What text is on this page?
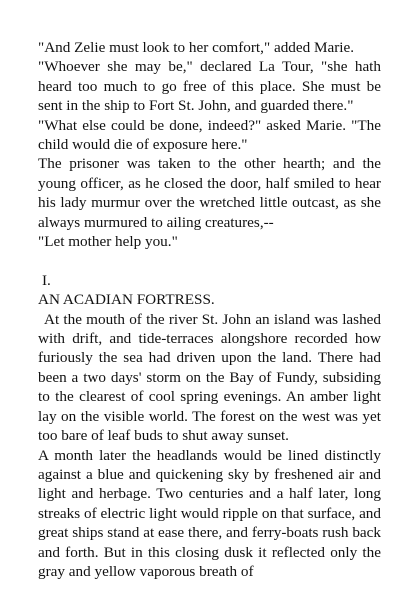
"And Zelie must look to her comfort," added Marie.

"Whoever she may be," declared La Tour, "she hath heard too much to go free of this place. She must be sent in the ship to Fort St. John, and guarded there."

"What else could be done, indeed?" asked Marie. "The child would die of exposure here."

The prisoner was taken to the other hearth; and the young officer, as he closed the door, half smiled to hear his lady murmur over the wretched little outcast, as she always murmured to ailing creatures,--

"Let mother help you."

I.

AN ACADIAN FORTRESS.

At the mouth of the river St. John an island was lashed with drift, and tide-terraces alongshore recorded how furiously the sea had driven upon the land. There had been a two days' storm on the Bay of Fundy, subsiding to the clearest of cool spring evenings. An amber light lay on the visible world. The forest on the west was yet too bare of leaf buds to shut away sunset.

A month later the headlands would be lined distinctly against a blue and quickening sky by freshened air and light and herbage. Two centuries and a half later, long streaks of electric light would ripple on that surface, and great ships stand at ease there, and ferry-boats rush back and forth. But in this closing dusk it reflected only the gray and yellow vaporous breath of
